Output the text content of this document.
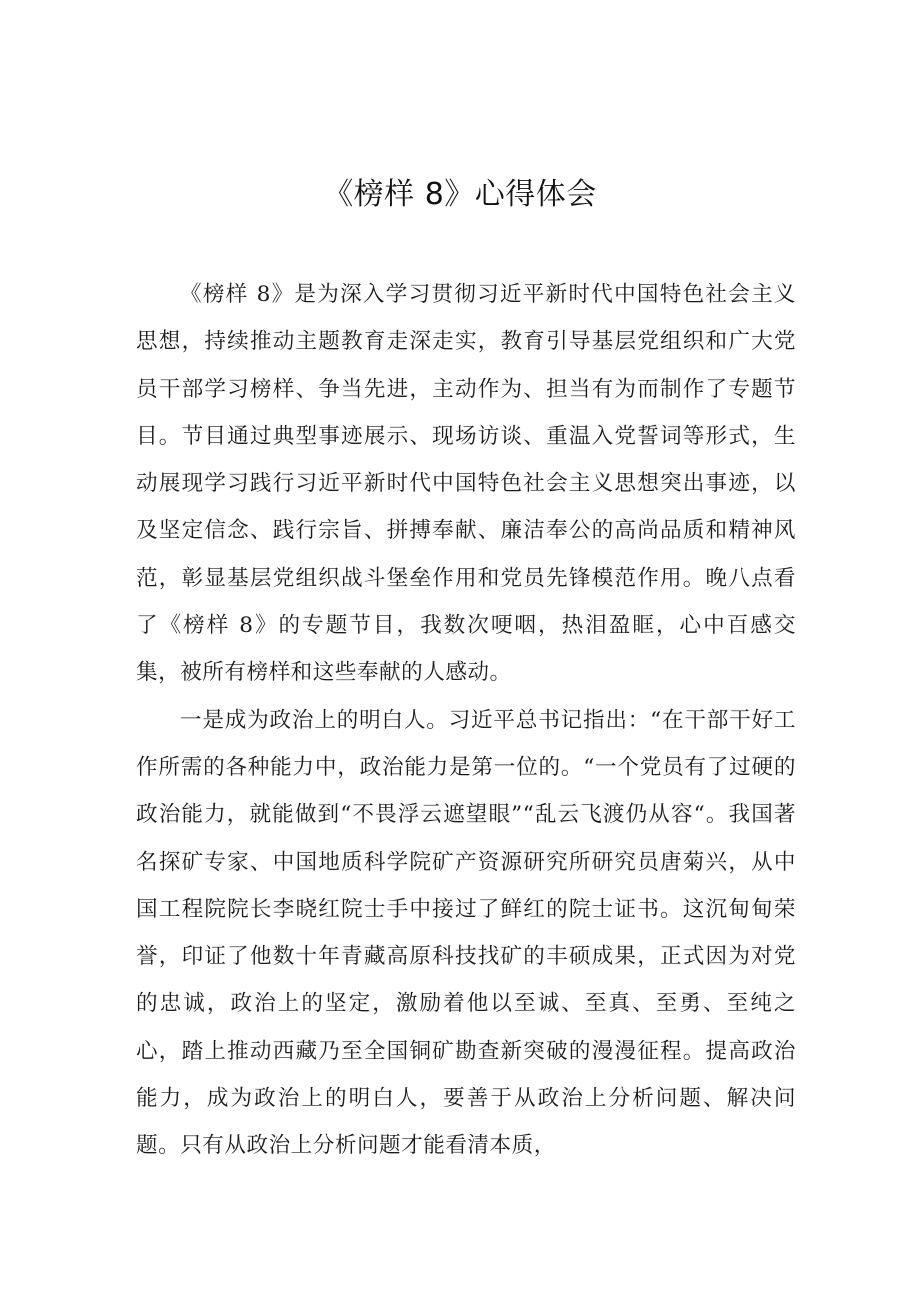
《榜样 8》心得体会

《榜样 8》是为深入学习贯彻习近平新时代中国特色社会主义思想，持续推动主题教育走深走实，教育引导基层党组织和广大党员干部学习榜样、争当先进，主动作为、担当有为而制作了专题节目。节目通过典型事迹展示、现场访谈、重温入党誓词等形式，生动展现学习践行习近平新时代中国特色社会主义思想突出事迹，以及坚定信念、践行宗旨、拼搏奉献、廉洁奉公的高尚品质和精神风范，彰显基层党组织战斗堡垒作用和党员先锋模范作用。晚八点看了《榜样 8》的专题节目，我数次哽咽，热泪盈眶，心中百感交集，被所有榜样和这些奉献的人感动。

一是成为政治上的明白人。习近平总书记指出：“在干部干好工作所需的各种能力中，政治能力是第一位的。“一个党员有了过硬的政治能力，就能做到“不畏浮云遮望眼”“乱云飞渡仍从容“。我国著名探矿专家、中国地质科学院矿产资源研究所研究员唐菊兴，从中国工程院院长李晓红院士手中接过了鲜红的院士证书。这沉甸甸荣誉，印证了他数十年青藏高原科技找矿的丰硕成果，正式因为对党的忠诚，政治上的坚定，激励着他以至诚、至真、至勇、至纯之心，踏上推动西藏乃至全国铜矿勘查新突破的漫漫征程。提高政治能力，成为政治上的明白人，要善于从政治上分析问题、解决问题。只有从政治上分析问题才能看清本质，
